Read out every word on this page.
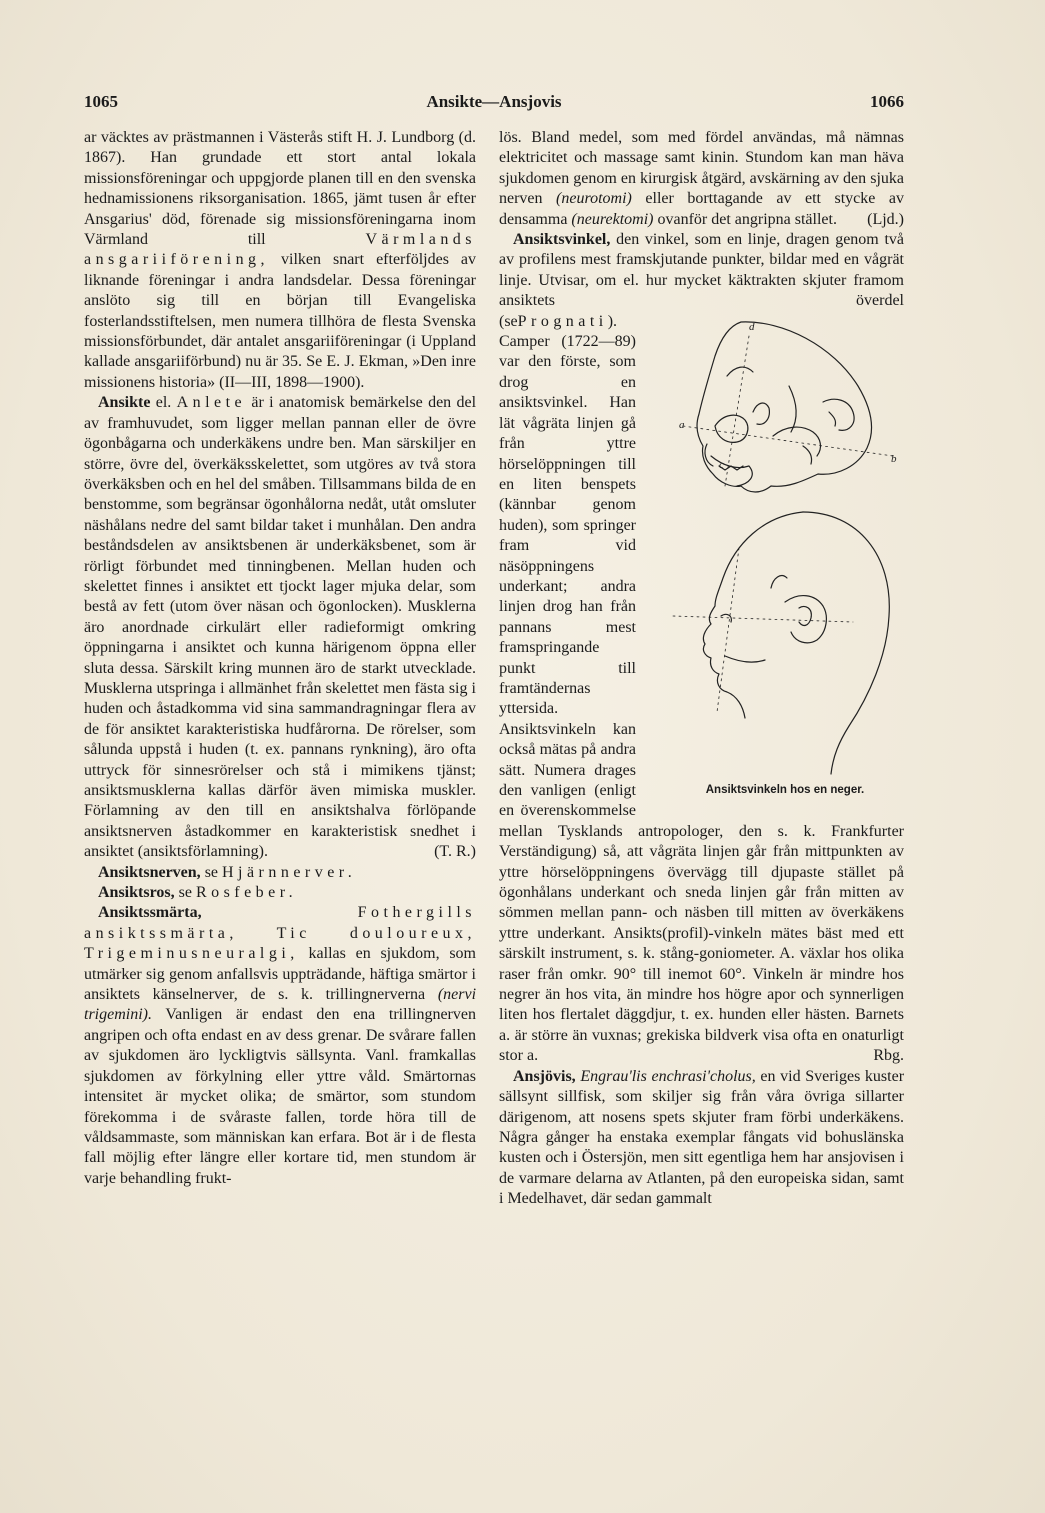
1065	Ansikte—Ansjovis	1066

ar väcktes av prästmannen i Västerås stift H. J. Lundborg (d. 1867). Han grundade ett stort antal lokala missionsföreningar och uppgjorde planen till en den svenska hednamissionens riksorganisation. 1865, jämt tusen år efter Ansgarius' död, förenade sig missionsföreningarna inom Värmland till	Värmlands ansgariiförening, vilken snart efterföljdes av liknande föreningar i andra landsdelar. Dessa föreningar anslöto sig till en början till Evangeliska fosterlandsstiftelsen, men numera tillhöra de flesta Svenska missionsförbundet, där antalet ansgariiföreningar (i Uppland kallade ansgariiförbund) nu är 35. Se E. J. Ekman, »Den inre missionens historia» (II—III, 1898—1900).

Ansikte el. Anlete är i anatomisk bemärkelse den del av framhuvudet, som ligger mellan pannan eller de övre ögonbågarna och underkäkens undre ben. Man särskiljer en större, övre del, överkäksskelettet, som utgöres av två stora överkäksben och en hel del småben. Tillsammans bilda de en benstomme, som begränsar ögonhålorna nedåt, utåt omsluter näshålans nedre del samt bildar taket i munhålan. Den andra beståndsdelen av ansiktsbenen är underkäksbenet, som är rörligt förbundet med tinningbenen. Mellan huden och skelettet finnes i ansiktet ett tjockt lager mjuka delar, som bestå av fett (utom över näsan och ögonlocken). Musklerna äro anordnade cirkulärt eller radieformigt omkring öppningarna i ansiktet och kunna härigenom öppna eller sluta dessa. Särskilt kring munnen äro de starkt utvecklade. Musklerna utspringa i allmänhet från skelettet men fästa sig i huden och åstadkomma vid sina sammandragningar flera av de för ansiktet karakteristiska hudfårorna. De rörelser, som sålunda uppstå i huden (t. ex. pannans rynkning), äro ofta uttryck för sinnesrörelser och stå i mimikens tjänst; ansiktsmusklerna kallas därför även mimiska muskler. Förlamning av den till en ansiktshalva förlöpande ansiktsnerven åstadkommer en karakteristisk snedhet i ansiktet (ansiktsförlamning).	(T. R.)

Ansiktsnerven, se Hjärnnerver.

Ansiktsros, se Rosfeber.

Ansiktssmärta,	Fothergills ansiktssmärta, Tic douloureux, Trigeminusneuralgi, kallas en sjukdom, som utmärker sig genom anfallsvis uppträdande, häftiga smärtor i ansiktets känselnerver, de s. k. trillingnerverna (nervi trigemini). Vanligen är endast den ena trillingnerven angripen och ofta endast en av dess grenar. De svårare fallen av sjukdomen äro lyckligtvis sällsynta. Vanl. framkallas sjukdomen av förkylning eller yttre våld. Smärtornas intensitet är mycket olika; de smärtor, som stundom förekomma i de svåraste fallen, torde höra till de våldsammaste, som människan kan erfara. Bot är i de flesta fall möjlig efter längre eller kortare tid, men stundom är varje behandling frukt-

lös. Bland medel, som med fördel användas, må nämnas elektricitet och massage samt kinin. Stundom kan man häva sjukdomen genom en kirurgisk åtgärd, avskärning av den sjuka nerven (neurotomi) eller borttagande av ett stycke av densamma (neurektomi) ovanför det angripna stället. (Ljd.)

Ansiktsvinkel, den vinkel, som en linje, dragen genom två av profilens mest framskjutande punkter, bildar med en vågrät linje. Utvisar, om el. hur mycket käktrakten skjuter framom ansiktets överdel (se	d
a
c	b
Ansiktsvinkeln hos en neger.
Prognati). Camper (1722—89) var den förste, som drog en ansiktsvinkel. Han lät vågräta linjen gå från yttre hörselöppningen till en liten benspets (kännbar genom huden), som springer fram vid näsöppningens underkant; andra linjen drog han från pannans mest framspringande punkt till framtändernas yttersida. Ansiktsvinkeln kan också mätas på andra sätt. Numera drages den vanligen (enligt en överenskommelse mellan Tysklands antropologer, den s. k. Frankfurter Verständigung) så, att vågräta linjen går från mittpunkten av yttre hörselöppningens övervägg till djupaste stället på ögonhålans underkant och sneda linjen går från mitten av sömmen mellan pann- och näsben till mitten av överkäkens yttre underkant. Ansikts(profil)-vinkeln mätes bäst med ett särskilt instrument, s. k. stång-goniometer. A. växlar hos olika raser från omkr. 90° till inemot 60°. Vinkeln är mindre hos negrer än hos vita, än mindre hos högre apor och synnerligen liten hos flertalet däggdjur, t. ex. hunden eller hästen. Barnets a. är större än vuxnas; grekiska bildverk visa ofta en onaturligt stor a.	Rbg.

Ansjövis, Engrau'lis enchrasi'cholus, en vid Sveriges kuster sällsynt sillfisk, som skiljer sig från våra övriga sillarter därigenom, att nosens spets skjuter fram förbi underkäkens. Några gånger ha enstaka exemplar fångats vid bohuslänska kusten och i Östersjön, men sitt egentliga hem har ansjovisen i de varmare delarna av Atlanten, på den europeiska sidan, samt i Medelhavet, där sedan gammalt
